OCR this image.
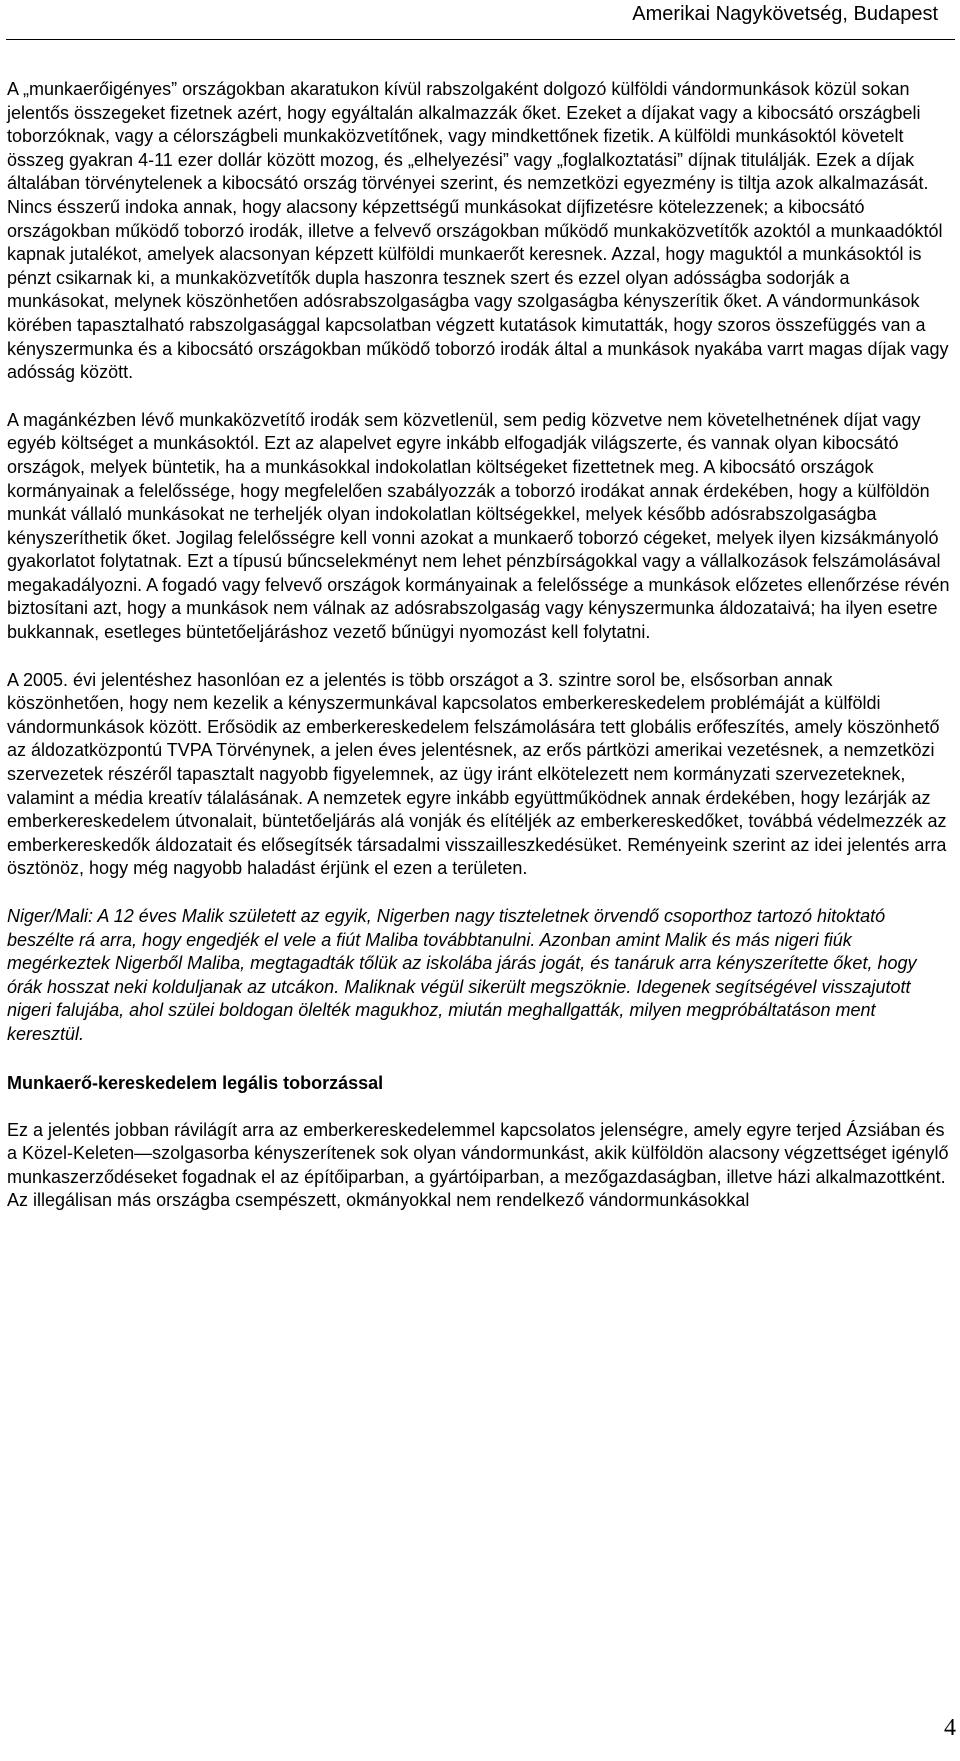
Amerikai Nagykövetség, Budapest

A „munkaerőigényes” országokban akaratukon kívül rabszolgaként dolgozó külföldi vándormunkások közül sokan jelentős összegeket fizetnek azért, hogy egyáltalán alkalmazzák őket. Ezeket a díjakat vagy a kibocsátó országbeli toborzóknak, vagy a célországbeli munkaközvetítőnek, vagy mindkettőnek fizetik. A külföldi munkásoktól követelt összeg gyakran 4-11 ezer dollár között mozog, és „elhelyezési” vagy „foglalkoztatási” díjnak titulálják. Ezek a díjak általában törvénytelenek a kibocsátó ország törvényei szerint, és nemzetközi egyezmény is tiltja azok alkalmazását. Nincs ésszerű indoka annak, hogy alacsony képzettségű munkásokat díjfizetésre kötelezzenek; a kibocsátó országokban működő toborzó irodák, illetve a felvevő országokban működő munkaközvetítők azoktól a munkaadóktól kapnak jutalékot, amelyek alacsonyan képzett külföldi munkaerőt keresnek. Azzal, hogy maguktól a munkásoktól is pénzt csikarnak ki, a munkaközvetítők dupla haszonra tesznek szert és ezzel olyan adósságba sodorják a munkásokat, melynek köszönhetően adósrabszolgaságba vagy szolgaságba kényszerítik őket. A vándormunkások körében tapasztalható rabszolgasággal kapcsolatban végzett kutatások kimutatták, hogy szoros összefüggés van a kényszermunka és a kibocsátó országokban működő toborzó irodák által a munkások nyakába varrt magas díjak vagy adósság között.

A magánkézben lévő munkaközvetítő irodák sem közvetlenül, sem pedig közvetve nem követelhetnének díjat vagy egyéb költséget a munkásoktól. Ezt az alapelvet egyre inkább elfogadják világszerte, és vannak olyan kibocsátó országok, melyek büntetik, ha a munkásokkal indokolatlan költségeket fizettetnek meg. A kibocsátó országok kormányainak a felelőssége, hogy megfelelően szabályozzák a toborzó irodákat annak érdekében, hogy a külföldön munkát vállaló munkásokat ne terheljék olyan indokolatlan költségekkel, melyek később adósrabszolgaságba kényszeríthetik őket. Jogilag felelősségre kell vonni azokat a munkaerő toborzó cégeket, melyek ilyen kizsákmányoló gyakorlatot folytatnak. Ezt a típusú bűncselekményt nem lehet pénzbírságokkal vagy a vállalkozások felszámolásával megakadályozni. A fogadó vagy felvevő országok kormányainak a felelőssége a munkások előzetes ellenőrzése révén biztosítani azt, hogy a munkások nem válnak az adósrabszolgaság vagy kényszermunka áldozataivá; ha ilyen esetre bukkannak, esetleges büntetőeljáráshoz vezető bűnügyi nyomozást kell folytatni.

A 2005. évi jelentéshez hasonlóan ez a jelentés is több országot a 3. szintre sorol be, elsősorban annak köszönhetően, hogy nem kezelik a kényszermunkával kapcsolatos emberkereskedelem problémáját a külföldi vándormunkások között. Erősödik az emberkereskedelem felszámolására tett globális erőfeszítés, amely köszönhető az áldozatközpontú TVPA Törvénynek, a jelen éves jelentésnek, az erős pártközi amerikai vezetésnek, a nemzetközi szervezetek részéről tapasztalt nagyobb figyelemnek, az ügy iránt elkötelezett nem kormányzati szervezeteknek, valamint a média kreatív tálalásának. A nemzetek egyre inkább együttműködnek annak érdekében, hogy lezárják az emberkereskedelem útvonalait, büntetőeljárás alá vonják és elítéljék az emberkereskedőket, továbbá védelmezzék az emberkereskedők áldozatait és elősegítsék társadalmi visszailleszkedésüket. Reményeink szerint az idei jelentés arra ösztönöz, hogy még nagyobb haladást érjünk el ezen a területen.

Niger/Mali: A 12 éves Malik született az egyik, Nigerben nagy tiszteletnek örvendő csoporthoz tartozó hitoktató beszélte rá arra, hogy engedjék el vele a fiút Maliba továbbtanulni. Azonban amint Malik és más nigeri fiúk megérkeztek Nigerből Maliba, megtagadták tőlük az iskolába járás jogát, és tanáruk arra kényszerítette őket, hogy órák hosszat neki kolduljanak az utcákon. Maliknak végül sikerült megszöknie. Idegenek segítségével visszajutott nigeri falujába, ahol szülei boldogan ölelték magukhoz, miután meghallgatták, milyen megpróbáltatáson ment keresztül.

Munkaerő-kereskedelem legális toborzással

Ez a jelentés jobban rávilágít arra az emberkereskedelemmel kapcsolatos jelenségre, amely egyre terjed Ázsiában és a Közel-Keleten—szolgasorba kényszerítenek sok olyan vándormunkást, akik külföldön alacsony végzettséget igénylő munkaszerződéseket fogadnak el az építőiparban, a gyártóiparban, a mezőgazdaságban, illetve házi alkalmazottként. Az illegálisan más országba csempészett, okmányokkal nem rendelkező vándormunkásokkal

4
